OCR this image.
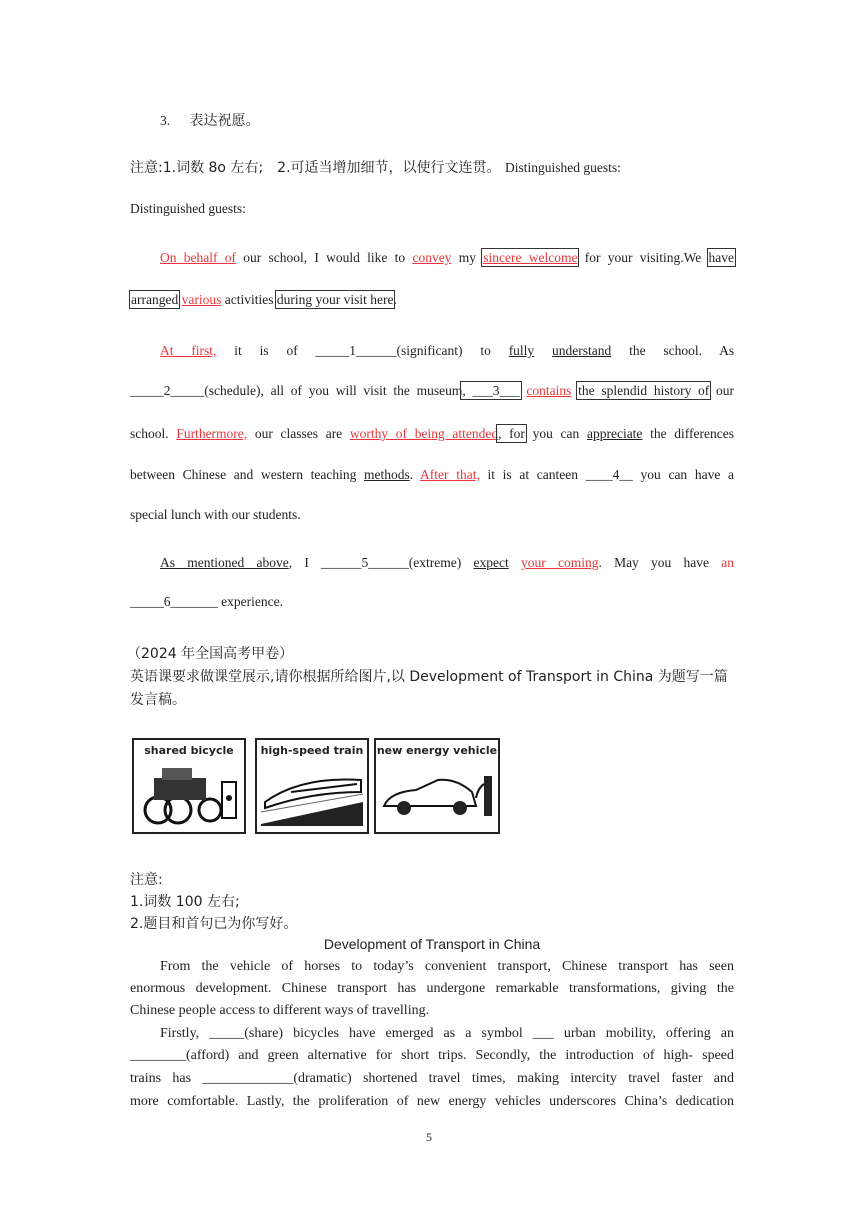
3. 表达祝愿。
注意:1.词数 8o 左右;　2.可适当增加细节，以使行文连贯。 Distinguished guests:
Distinguished guests:
On behalf of our school, I would like to convey my sincere welcome for your visiting.We have
arranged various activities during your visit here.
At first, it is of _____1______(significant) to fully understand the school. As
_____2_____(schedule), all of you will visit the museum, ___3___ contains the splendid history of our
school. Furthermore, our classes are worthy of being attended, for you can appreciate the differences
between Chinese and western teaching methods. After that, it is at canteen ____4__ you can have a
special lunch with our students.
As mentioned above, I ______5______(extreme) expect your coming. May you have an
_____6_______ experience.
（2024 年全国高考甲卷）
英语课要求做课堂展示,请你根据所给图片,以 Development of Transport in China 为题写一篇
发言稿。
shared bicycle	high-speed train	new energy vehicle
注意:
1.词数 100 左右;
2.题目和首句已为你写好。
Development of Transport in China
From the vehicle of horses to today’s convenient transport, Chinese transport has seen
enormous development. Chinese transport has undergone remarkable transformations, giving the
Chinese people access to different ways of travelling.
Firstly, _____(share) bicycles have emerged as a symbol ___ urban mobility, offering an
________(afford) and green alternative for short trips. Secondly, the introduction of high- speed
trains has _____________(dramatic) shortened travel times, making intercity travel faster and
more comfortable. Lastly, the proliferation of new energy vehicles underscores China’s dedication
5
